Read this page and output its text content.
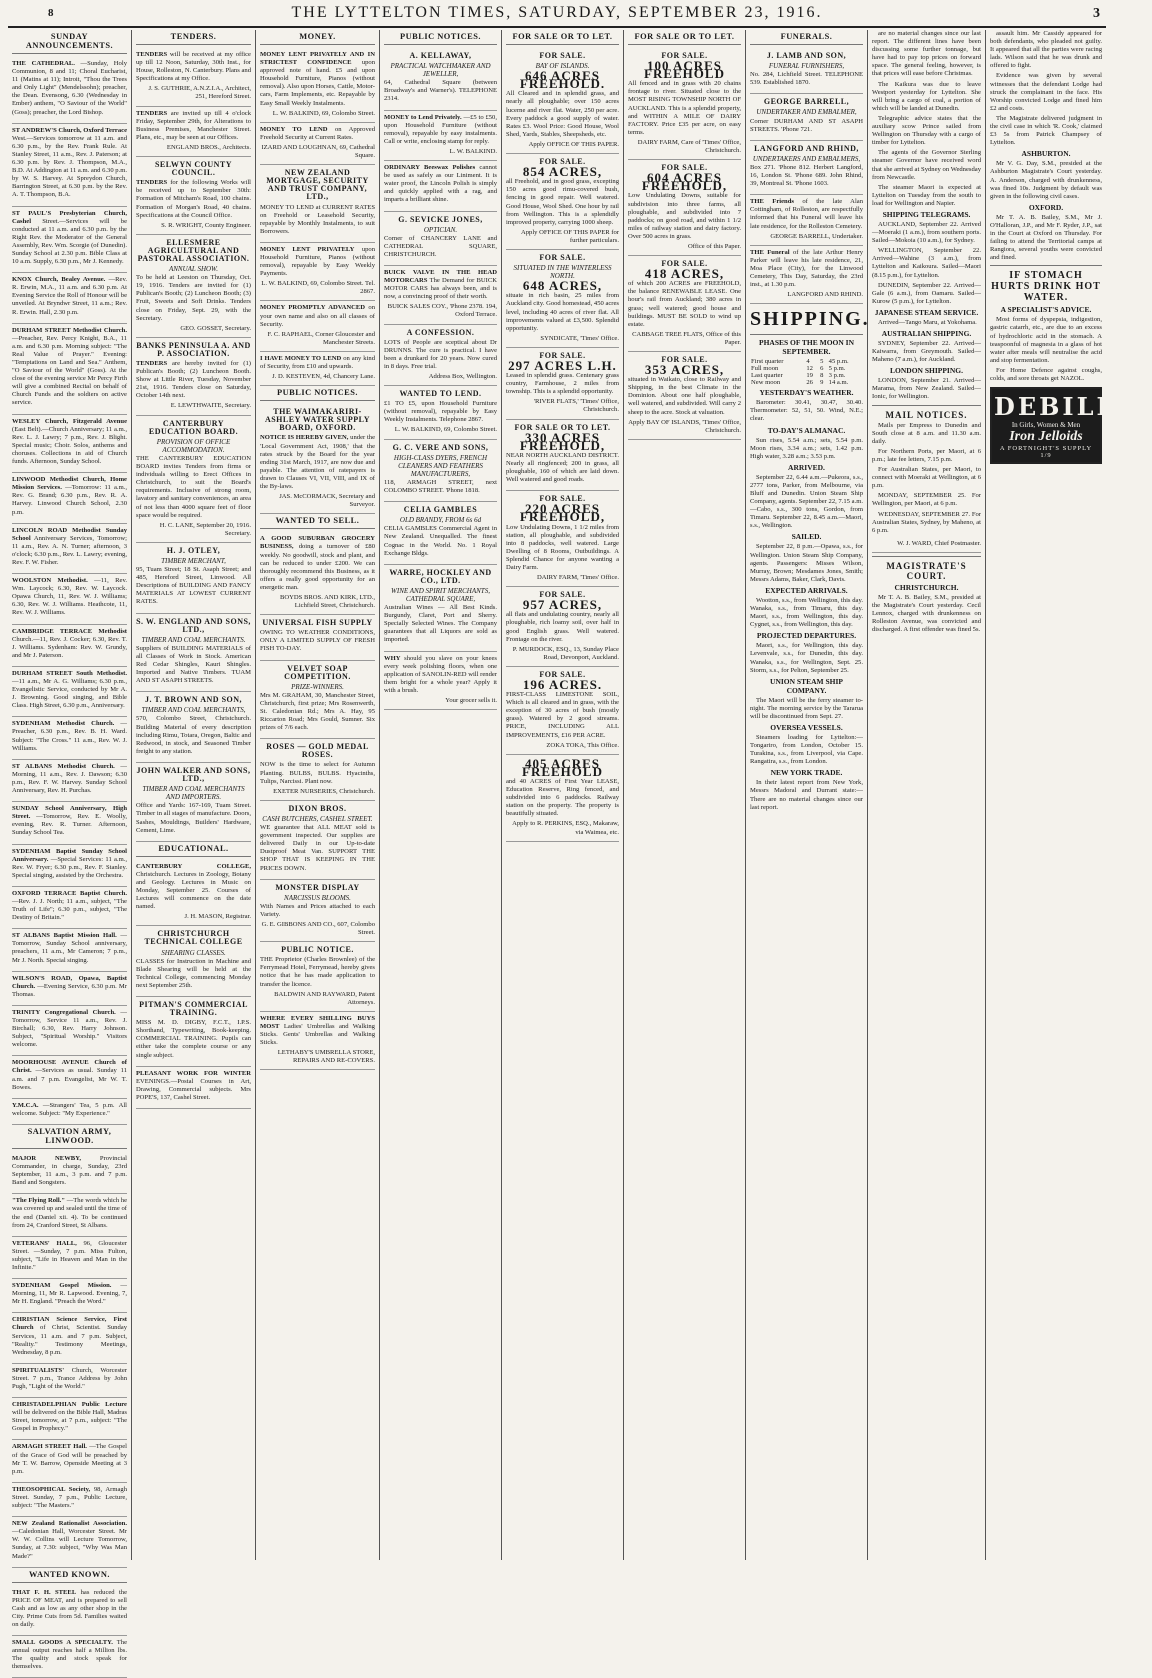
8	THE LYTTELTON TIMES, SATURDAY, SEPTEMBER 23, 1916.	3
SUNDAY ANNOUNCEMENTS.

THE CATHEDRAL. —Sunday, Holy Communion, 8 and 11; Choral Eucharist, 11 (Matins at 11); Introit, "Thou the Trees and Only Light" (Mendelssohn); preacher, the Dean. Evensong, 6.30 (Wednesday in Ember) anthem, "O Saviour of the World" (Goss); preacher, the Lord Bishop.

ST ANDREW'S Church, Oxford Terrace West.—Services tomorrow at 11 a.m. and 6.30 p.m., by the Rev. Frank Rule. At Stanley Street, 11 a.m., Rev. J. Paterson; at 6.30 p.m. by Rev. J. Thompson, M.A., B.D. At Addington at 11 a.m. and 6.30 p.m. by W. S. Harvey. At Spreydon Church, Barrington Street, at 6.30 p.m. by the Rev. A. T. Thompson, B.A.

ST PAUL'S Presbyterian Church, Cashel Street.—Services will be conducted at 11 a.m. and 6.30 p.m. by the Right Rev. the Moderator of the General Assembly, Rev. Wm. Scorgie (of Dunedin). Sunday School at 2.30 p.m. Bible Class at 10 a.m. Supply, 6.30 p.m., Mr J. Kennedy.

KNOX Church, Bealey Avenue. —Rev. R. Erwin, M.A., 11 a.m. and 6.30 p.m. At Evening Service the Roll of Honour will be unveiled. At Bryndwr Street, 11 a.m.; Rev. R. Erwin. Hall, 2.30 p.m.

DURHAM STREET Methodist Church. —Preacher, Rev. Percy Knight, B.A., 11 a.m. and 6.30 p.m. Morning subject: "The Real Value of Prayer." Evening: "Temptations on Land and Sea." Anthem, "O Saviour of the World" (Goss). At the close of the evening service Mr Percy Firth will give a combined Recital on behalf of Church Funds and the soldiers on active service.

WESLEY Church, Fitzgerald Avenue (East Belt).—Church Anniversary; 11 a.m., Rev. L. J. Lawry; 7 p.m., Rev. J. Blight. Special music; Choir. Solos, anthems and choruses. Collections in aid of Church funds. Afternoon, Sunday School.

LINWOOD Methodist Church, Home Mission Services. —Tomorrow: 11 a.m., Rev. G. Brand; 6.30 p.m., Rev. R. A. Harvey. Linwood Church School, 2.30 p.m.

LINCOLN ROAD Methodist Sunday School Anniversary Services, Tomorrow; 11 a.m., Rev. A. N. Turner; afternoon, 3 o'clock; 6.30 p.m., Rev. L. Lawry; evening, Rev. F. W. Fisher.

WOOLSTON Methodist. —11, Rev. Wm. Laycock; 6.30, Rev. W. Laycock. Opawa Church, 11, Rev. W. J. Williams; 6.30, Rev. W. J. Williams. Heathcote, 11, Rev. W. J. Williams.

CAMBRIDGE TERRACE Methodist Church.—11, Rev. J. Cocker; 6.30, Rev. T. J. Williams. Sydenham: Rev. W. Grundy, and Mr J. Paterson.

DURHAM STREET South Methodist. —11 a.m., Mr A. G. Williams; 6.30 p.m., Evangelistic Service, conducted by Mr A. J. Browning. Good singing, and Bible Class. High Street, 6.30 p.m., Anniversary.

SYDENHAM Methodist Church. —Preacher, 6.30 p.m., Rev. B. H. Ward. Subject: "The Cross." 11 a.m., Rev. W. J. Williams.

ST ALBANS Methodist Church. —Morning, 11 a.m., Rev. J. Dawson; 6.30 p.m., Rev. F. W. Harvey. Sunday School Anniversary, Rev. H. Purchas.

SUNDAY School Anniversary, High Street. —Tomorrow, Rev. E. Woolly, evening, Rev. R. Turner. Afternoon, Sunday School Tea.

SYDENHAM Baptist Sunday School Anniversary. —Special Services: 11 a.m., Rev. W. Fryer; 6.30 p.m., Rev. F. Stanley. Special singing, assisted by the Orchestra.

OXFORD TERRACE Baptist Church. —Rev. J. J. North; 11 a.m., subject, "The Truth of Life"; 6.30 p.m., subject, "The Destiny of Britain."

ST ALBANS Baptist Mission Hall. —Tomorrow, Sunday School anniversary, preachers, 11 a.m., Mr Cameron; 7 p.m., Mr J. North. Special singing.

WILSON'S ROAD, Opawa, Baptist Church. —Evening Service, 6.30 p.m. Mr Thomas.

TRINITY Congregational Church. —Tomorrow, Service 11 a.m., Rev. J. Birchall; 6.30, Rev. Harry Johnson. Subject, "Spiritual Worship." Visitors welcome.

MOORHOUSE AVENUE Church of Christ. —Services as usual. Sunday 11 a.m. and 7 p.m. Evangelist, Mr W. T. Bowes.

Y.M.C.A. —Strangers' Tea, 5 p.m. All welcome. Subject: "My Experience."

SALVATION ARMY, LINWOOD.

MAJOR NEWBY,	Provincial Commander, in charge, Sunday, 23rd September, 11 a.m., 3 p.m. and 7 p.m. Band and Songsters.

"The Flying Roll." —The words which he was covered up and sealed until the time of the end (Daniel xii. 4). To be continued from 24, Cranford Street, St Albans.

VETERANS' HALL, 96, Gloucester Street. —Sunday, 7 p.m. Miss Fulton, subject, "Life in Heaven and Man in the Infinite."

SYDENHAM Gospel Mission. —Morning, 11, Mr R. Lapwood. Evening, 7, Mr H. England. "Preach the Word."

CHRISTIAN Science Service, First Church of Christ, Scientist. Sunday Services, 11 a.m. and 7 p.m. Subject, "Reality." Testimony Meetings, Wednesday, 8 p.m.

SPIRITUALISTS' Church, Worcester Street. 7 p.m., Trance Address by John Pugh, "Light of the World."

CHRISTADELPHIAN Public Lecture will be delivered on the Bible Hall, Madras Street, tomorrow, at 7 p.m., subject: "The Gospel in Prophecy."

ARMAGH STREET Hall. —The Gospel of the Grace of God will be preached by Mr T. W. Barrow, Openside Meeting at 3 p.m.

THEOSOPHICAL Society, 98, Armagh Street. Sunday, 7 p.m., Public Lecture, subject: "The Masters."

NEW Zealand Rationalist Association. —Caledonian Hall, Worcester Street. Mr W. W. Collins will Lecture Tomorrow, Sunday, at 7.30: subject, "Why Was Man Made?"

WANTED KNOWN.

THAT F. H. STEEL has reduced the PRICE OF MEAT, and is prepared to sell Cash and as low as any other shop in the City. Prime Cuts from 5d. Families waited on daily.

SMALL GOODS A SPECIALTY. The annual output reaches half a Million lbs. The quality and stock speak for themselves.

TENDERS.

TENDERS will be received at my office up till 12 Noon, Saturday, 30th Inst., for House, Rolleston, N. Canterbury. Plans and Specifications at my Office.

J. S. GUTHRIE, A.N.Z.I.A., Architect, 251, Hereford Street.

TENDERS are invited up till 4 o'clock Friday, September 29th, for Alterations to Business Premises, Manchester Street. Plans, etc., may be seen at our Offices.

ENGLAND BROS., Architects.
SELWYN COUNTY COUNCIL.

TENDERS for the following Works will be received up to September 30th: Formation of Mitcham's Road, 100 chains. Formation of Morgan's Road, 40 chains. Specifications at the Council Office.

S. R. WRIGHT, County Engineer.
ELLESMERE AGRICULTURAL AND PASTORAL ASSOCIATION.
ANNUAL SHOW.

To be held at Leeston on Thursday, Oct. 19, 1916. Tenders are invited for (1) Publican's Booth; (2) Luncheon Booth; (3) Fruit, Sweets and Soft Drinks. Tenders close on Friday, Sept. 29, with the Secretary.

GEO. GOSSET, Secretary.
BANKS PENINSULA A. AND P. ASSOCIATION.

TENDERS are hereby invited for (1) Publican's Booth; (2) Luncheon Booth. Show at Little River, Tuesday, November 21st, 1916. Tenders close on Saturday, October 14th next.

E. LEWTHWAITE, Secretary.
CANTERBURY EDUCATION BOARD.
PROVISION OF OFFICE ACCOMMODATION.

THE CANTERBURY EDUCATION BOARD invites Tenders from firms or individuals willing to Erect Offices in Christchurch, to suit the Board's requirements. Inclusive of strong room, lavatory and sanitary conveniences, an area of not less than 4000 square feet of floor space would be required.

H. C. LANE, September 20, 1916. Secretary.
H. J. OTLEY,
TIMBER MERCHANT,

95, Tuam Street; 18 St. Asaph Street; and 485, Hereford Street, Linwood. All Descriptions of BUILDING AND FANCY MATERIALS AT LOWEST CURRENT RATES.

S. W. ENGLAND AND SONS, LTD.,
TIMBER AND COAL MERCHANTS.

Suppliers of BUILDING MATERIALS of all Classes of Work in Stock. American Red Cedar Shingles, Kauri Shingles. Imported and Native Timbers. TUAM AND ST ASAPH STREETS.

J. T. BROWN AND SON,
TIMBER AND COAL MERCHANTS,

570, Colombo Street, Christchurch. Building Material of every description including Rimu, Totara, Oregon, Baltic and Redwood, in stock, and Seasoned Timber freight to any station.

JOHN WALKER AND SONS, LTD.,
TIMBER AND COAL MERCHANTS AND IMPORTERS.

Office and Yards: 167-169, Tuam Street. Timber in all stages of manufacture. Doors, Sashes, Mouldings, Builders' Hardware, Cement, Lime.

EDUCATIONAL.

CANTERBURY COLLEGE, Christchurch. Lectures in Zoology, Botany and Geology. Lectures in Music on Monday, September 25. Courses of Lectures will commence on the date named.

J. H. MASON, Registrar.
CHRISTCHURCH TECHNICAL COLLEGE
SHEARING CLASSES.

CLASSES for Instruction in Machine and Blade Shearing will be held at the Technical College, commencing Monday next September 25th.

PITMAN'S COMMERCIAL TRAINING.

MISS M. D. DIGBY, F.C.T., I.P.S. Shorthand, Typewriting, Book-keeping. COMMERCIAL TRAINING. Pupils can either take the complete course or any single subject.

PLEASANT WORK FOR WINTER EVENINGS.—Postal Courses in Art, Drawing, Commercial subjects. Mrs POPE'S, 137, Cashel Street.

MONEY.

MONEY LENT PRIVATELY AND IN STRICTEST CONFIDENCE upon approved note of hand. £5 and upon Household Furniture, Pianos (without removal). Also upon Horses, Cattle, Motor-cars, Farm Implements, etc. Repayable by Easy Small Weekly Instalments.

L. W. BALKIND, 69, Colombo Street.

MONEY TO LEND on Approved Freehold Security at Current Rates.

IZARD AND LOUGHNAN, 69, Cathedral Square.
NEW ZEALAND MORTGAGE, SECURITY AND TRUST COMPANY, LTD.,

MONEY TO LEND at CURRENT RATES on Freehold or Leasehold Security, repayable by Monthly Instalments, to suit Borrowers.

MONEY LENT PRIVATELY upon Household Furniture, Pianos (without removal), repayable by Easy Weekly Payments.

L. W. BALKIND, 69, Colombo Street. Tel. 2867.

MONEY PROMPTLY ADVANCED on your own name and also on all classes of Security.

F. C. RAPHAEL, Corner Gloucester and Manchester Streets.

I HAVE MONEY TO LEND on any kind of Security, from £10 and upwards.

J. D. KESTEVEN, 4d, Chancery Lane.
PUBLIC NOTICES.
THE WAIMAKARIRI-ASHLEY WATER SUPPLY BOARD, OXFORD.

NOTICE IS HEREBY GIVEN, under the 'Local Government Act, 1908,' that the rates struck by the Board for the year ending 31st March, 1917, are now due and payable. The attention of ratepayers is drawn to Clauses VI, VII, VIII, and IX of the By-laws.

JAS. McCORMACK, Secretary and Surveyor.
WANTED TO SELL.

A GOOD SUBURBAN GROCERY BUSINESS, doing a turnover of £80 weekly. No goodwill, stock and plant, and can be reduced to under £200. We can thoroughly recommend this Business, as it offers a really good opportunity for an energetic man.

BOYDS BROS. AND KIRK, LTD., Lichfield Street, Christchurch.
UNIVERSAL FISH SUPPLY

OWING TO WEATHER CONDITIONS, ONLY A LIMITED SUPPLY OF FRESH FISH TO-DAY.

VELVET SOAP COMPETITION.
PRIZE-WINNERS.

Mrs M. GRAHAM, 30, Manchester Street, Christchurch, first prize; Mrs Rosenwerth, St. Caledonian Rd.; Mrs A. Hay, 95 Riccarton Road; Mrs Gould, Sumner. Six prizes of 7/6 each.

ROSES — GOLD MEDAL ROSES.

NOW is the time to select for Autumn Planting. BULBS, BULBS. Hyacinths, Tulips, Narcissi. Plant now.

EXETER NURSERIES, Christchurch.
DIXON BROS.
CASH BUTCHERS, CASHEL STREET.

WE guarantee that ALL MEAT sold is government inspected. Our supplies are delivered Daily in our Up-to-date Dustproof Meat Van. SUPPORT THE SHOP THAT IS KEEPING IN THE PRICES DOWN.

MONSTER DISPLAY
NARCISSUS BLOOMS.

With Names and Prices attached to each Variety.

G. E. GIBBONS AND CO., 607, Colombo Street.
PUBLIC NOTICE.

THE Proprietor (Charles Brownlee) of the Ferrymead Hotel, Ferrymead, hereby gives notice that he has made application to transfer the licence.

BALDWIN AND RAYWARD, Patent Attorneys.

WHERE EVERY SHILLING BUYS MOST Ladies' Umbrellas and Walking Sticks. Gents' Umbrellas and Walking Sticks.

LETHABY'S UMBRELLA STORE, REPAIRS AND RE-COVERS.
PUBLIC NOTICES.
A. KELLAWAY,
PRACTICAL WATCHMAKER AND JEWELLER,

64, Cathedral Square (between Broadway's and Warner's). TELEPHONE 2314.

MONEY to Lend Privately. —£5 to £50, upon Household Furniture (without removal), repayable by easy instalments. Call or write, enclosing stamp for reply.

L. W. BALKIND.

ORDINARY Beeswax Polishes cannot be used as safely as our Liniment. It is water proof, the Lincoln Polish is simply and quickly applied with a rag, and imparts a brilliant shine.

G. SEVICKE JONES,
OPTICIAN.

Corner of CHANCERY LANE and CATHEDRAL SQUARE, CHRISTCHURCH.

BUICK VALVE IN THE HEAD MOTORCARS The Demand for BUICK MOTOR CARS has always been, and is now, a convincing proof of their worth.

BUICK SALES COY., 'Phone 2378. 194, Oxford Terrace.
A CONFESSION.

LOTS of People are sceptical about Dr DRUNNS. The cure is practical. I have been a drunkard for 20 years. Now cured in 8 days. Free trial.

Address Box, Wellington.
WANTED TO LEND.

£1 TO £5, upon Household Furniture (without removal), repayable by Easy Weekly Instalments. Telephone 2867.

L. W. BALKIND, 69, Colombo Street.
G. C. VERE AND SONS,
HIGH-CLASS DYERS, FRENCH CLEANERS AND FEATHERS MANUFACTURERS,

118, ARMAGH STREET, next COLOMBO STREET. 'Phone 1818.

CELIA GAMBLES
OLD BRANDY, FROM 6s 6d

CELIA GAMBLES Commercial Agent in New Zealand. Unequalled. The finest Cognac in the World. No. 1 Royal Exchange Bldgs.

WARRE, HOCKLEY AND CO., LTD.
WINE AND SPIRIT MERCHANTS, CATHEDRAL SQUARE,

Australian Wines — All Best Kinds. Burgundy, Claret, Port and Sherry. Specially Selected Wines. The Company guarantees that all Liquors are sold as imported.

WHY should you slave on your knees every week polishing floors, when one application of SANOLIN-RED will render them bright for a whole year? Apply it with a brush.

Your grocer sells it.
FOR SALE OR TO LET.
FOR SALE.
BAY OF ISLANDS.
646 ACRES FREEHOLD.

All Cleared and in splendid grass, and nearly all ploughable; over 150 acres lucerne and river flat. Water, 250 per acre. Every paddock a good supply of water. Rates £3. Wool Price: Good House, Wool Shed, Yards, Stables, Sheepsheds, etc.

Apply OFFICE OF THIS PAPER.
FOR SALE.
854 ACRES,

all Freehold, and in good grass, excepting 150 acres good rimu-covered bush, fencing in good repair. Well watered. Good House, Wool Shed. One hour by rail from Wellington. This is a splendidly improved property, carrying 1000 sheep.

Apply OFFICE OF THIS PAPER for further particulars.
FOR SALE.
SITUATED IN THE WINTERLESS NORTH.
648 ACRES,

situate in rich basin, 25 miles from Auckland city. Good homestead, 450 acres level, including 40 acres of river flat. All improvements valued at £3,500. Splendid opportunity.

SYNDICATE, 'Times' Office.
FOR SALE.
297 ACRES L.H.

Leased in splendid grass. Centenary grass country, Farmhouse, 2 miles from township. This is a splendid opportunity.

'RIVER FLATS,' 'Times' Office, Christchurch.
FOR SALE OR TO LET.
330 ACRES FREEHOLD,

NEAR NORTH AUCKLAND DISTRICT. Nearly all ringfenced; 200 in grass, all ploughable, 160 of which are laid down. Well watered and good roads.

FOR SALE.
220 ACRES FREEHOLD,

Low Undulating Downs, 1 1/2 miles from station, all ploughable, and subdivided into 8 paddocks, well watered. Large Dwelling of 8 Rooms, Outbuildings. A Splendid Chance for anyone wanting a Dairy Farm.

DAIRY FARM, 'Times' Office.
FOR SALE.
957 ACRES,

all flats and undulating country, nearly all ploughable, rich loamy soil, over half in good English grass. Well watered. Frontage on the river.

P. MURDOCK, ESQ., 13, Sunday Place Road, Devonport, Auckland.
FOR SALE.
196 ACRES.

FIRST-CLASS LIMESTONE SOIL, Which is all cleared and in grass, with the exception of 30 acres of bush (mostly grass). Watered by 2 good streams. PRICE, INCLUDING ALL IMPROVEMENTS, £16 PER ACRE.

ZOKA TOKA, This Office.
405 ACRES FREEHOLD

and 40 ACRES of First Year LEASE, Education Reserve, Ring fenced, and subdivided into 6 paddocks. Railway station on the property. The property is beautifully situated.

Apply to R. PERKINS, ESQ., Makaraw, via Waimea, etc.
FOR SALE OR TO LET.
FOR SALE.
100 ACRES FREEHOLD

All fenced and in grass with 20 chains frontage to river. Situated close to the MOST RISING TOWNSHIP NORTH OF AUCKLAND. This is a splendid property, and WITHIN A MILE OF DAIRY FACTORY. Price £35 per acre, on easy terms.

DAIRY FARM, Care of 'Times' Office, Christchurch.
FOR SALE.
604 ACRES FREEHOLD,

Low Undulating Downs, suitable for subdivision into three farms, all ploughable, and subdivided into 7 paddocks; on good road, and within 1 1/2 miles of railway station and dairy factory. Over 500 acres in grass.

Office of this Paper.
FOR SALE.
418 ACRES,

of which 200 ACRES are FREEHOLD, the balance RENEWABLE LEASE. One hour's rail from Auckland; 380 acres in grass; well watered; good house and buildings. MUST BE SOLD to wind up estate.

CABBAGE TREE FLATS, Office of this Paper.
FOR SALE.
353 ACRES,

situated in Waikato, close to Railway and Shipping, in the best Climate in the Dominion. About one half ploughable, well watered, and subdivided. Will carry 2 sheep to the acre. Stock at valuation.

Apply BAY OF ISLANDS, 'Times' Office, Christchurch.
FUNERALS.
J. LAMB AND SON,
FUNERAL FURNISHERS,

No. 284, Lichfield Street. TELEPHONE 539. Established 1870.

GEORGE BARRELL,
UNDERTAKER AND EMBALMER,

Corner DURHAM AND ST ASAPH STREETS. 'Phone 721.

LANGFORD AND RHIND,
UNDERTAKERS AND EMBALMERS,

Box 271. 'Phone 812. Herbert Langford, 16, London St. 'Phone 689. John Rhind, 39, Montreal St. 'Phone 1603.

THE Friends of the late Alan Cottingham, of Rolleston, are respectfully informed that his Funeral will leave his late residence, for the Rolleston Cemetery.

GEORGE BARRELL, Undertaker.

THE Funeral of the late Arthur Henry Parker will leave his late residence, 21, Moa Place (City), for the Linwood Cemetery, This Day, Saturday, the 23rd inst., at 1.30 p.m.

LANGFORD AND RHIND.
SHIPPING.
PHASES OF THE MOON IN SEPTEMBER.
First quarter	4	5	45 p.m.
Full moon	12	6	5 p.m.
Last quarter	19	8	3 p.m.
New moon	26	9	14 a.m.
YESTERDAY'S WEATHER.

Barometer: 30.41, 30.47, 30.40. Thermometer: 52, 51, 50. Wind, N.E.; clear.

TO-DAY'S ALMANAC.

Sun rises, 5.54 a.m.; sets, 5.54 p.m. Moon rises, 3.34 a.m.; sets, 1.42 p.m. High water, 3.28 a.m.; 3.53 p.m.

ARRIVED.

September 22, 6.44 a.m.—Pukeora, s.s., 2777 tons, Parker, from Melbourne, via Bluff and Dunedin. Union Steam Ship Company, agents. September 22, 7.15 a.m.—Cabo, s.s., 300 tons, Gordon, from Timaru. September 22, 8.45 a.m.—Maori, s.s., Wellington.

SAILED.

September 22, 8 p.m.—Opawa, s.s., for Wellington. Union Steam Ship Company, agents. Passengers: Misses Wilson, Murray, Brown; Mesdames Jones, Smith; Messrs Adams, Baker, Clark, Davis.

EXPECTED ARRIVALS.

Wootton, s.s., from Wellington, this day. Wanaka, s.s., from Timaru, this day. Maori, s.s., from Wellington, this day. Cygnet, s.s., from Wellington, this day.

PROJECTED DEPARTURES.

Maori, s.s., for Wellington, this day. Levenvale, s.s., for Dunedin, this day. Wanaka, s.s., for Wellington, Sept. 25. Storm, s.s., for Pelton, September 25.

UNION STEAM SHIP COMPANY.

The Maori will be the ferry steamer to-night. The morning service by the Tararua will be discontinued from Sept. 27.

OVERSEA VESSELS.

Steamers loading for Lyttelton:— Tongariro, from London, October 15. Turakina, s.s., from Liverpool, via Cape. Rangatira, s.s., from London.

NEW YORK TRADE.

In their latest report from New York, Messrs Madoral and Durrant state:—There are no material changes since our last report.

are no material changes since our last report. The different lines have been discussing some further tonnage, but have had to pay top prices on forward space. The general feeling, however, is that prices will ease before Christmas.

The Kaikura was due to leave Westport yesterday for Lyttelton. She will bring a cargo of coal, a portion of which will be landed at Dunedin.

Telegraphic advice states that the auxiliary scow Prince sailed from Wellington on Thursday with a cargo of timber for Lyttelton.

The agents of the Governor Sterling steamer Governor have received word that she arrived at Sydney on Wednesday from Newcastle.

The steamer Maori is expected at Lyttelton on Tuesday from the south to load for Wellington and Napier.

SHIPPING TELEGRAMS.

AUCKLAND, September 22. Arrived—Moeraki (1 a.m.), from southern ports. Sailed—Mokoia (10 a.m.), for Sydney.

WELLINGTON, September 22. Arrived—Wahine (3 a.m.), from Lyttelton and Kaikoura. Sailed—Maori (8.15 p.m.), for Lyttelton.

DUNEDIN, September 22. Arrived—Gale (6 a.m.), from Oamaru. Sailed—Kurow (5 p.m.), for Lyttelton.

JAPANESE STEAM SERVICE.

Arrived—Tango Maru, at Yokohama.

AUSTRALIAN SHIPPING.

SYDNEY, September 22. Arrived—Kaiwarra, from Greymouth. Sailed—Maheno (7 a.m.), for Auckland.

LONDON SHIPPING.

LONDON, September 21. Arrived—Marama, from New Zealand. Sailed—Ionic, for Wellington.

MAIL NOTICES.

Mails per Empress to Dunedin and South close at 8 a.m. and 11.30 a.m. daily.

For Northern Ports, per Maori, at 6 p.m.; late fee letters, 7.15 p.m.

For Australian States, per Maori, to connect with Moeraki at Wellington, at 6 p.m.

MONDAY, SEPTEMBER 25. For Wellington, per Maori, at 6 p.m.

WEDNESDAY, SEPTEMBER 27. For Australian States, Sydney, by Maheno, at 6 p.m.

W. J. WARD, Chief Postmaster.
MAGISTRATE'S COURT.
CHRISTCHURCH.

Mr T. A. B. Bailey, S.M., presided at the Magistrate's Court yesterday. Cecil Lennox, charged with drunkenness on Rolleston Avenue, was convicted and discharged. A first offender was fined 5s.

assault him. Mr Cassidy appeared for both defendants, who pleaded not guilty. It appeared that all the parties were racing lads. Wilson said that he was drunk and offered to fight.

Evidence was given by several witnesses that the defendant Lodge had struck the complainant in the face. His Worship convicted Lodge and fined him £2 and costs.

The Magistrate delivered judgment in the civil case in which 'R. Cook,' claimed £3 5s from Patrick Champsey of Lyttelton.

ASHBURTON.

Mr V. G. Day, S.M., presided at the Ashburton Magistrate's Court yesterday. A. Anderson, charged with drunkenness, was fined 10s. Judgment by default was given in the following civil cases.

OXFORD.

Mr T. A. B. Bailey, S.M., Mr J. O'Halloran, J.P., and Mr F. Ryder, J.P., sat in the Court at Oxford on Thursday. For failing to attend the Territorial camps at Rangiora, several youths were convicted and fined.

IF STOMACH HURTS DRINK HOT WATER.
A SPECIALIST'S ADVICE.

Most forms of dyspepsia, indigestion, gastric catarrh, etc., are due to an excess of hydrochloric acid in the stomach. A teaspoonful of magnesia in a glass of hot water after meals will neutralise the acid and stop fermentation.

For Home Defence against coughs, colds, and sore throats get NAZOL.

DEBILITY
In Girls, Women & Men
Iron Jelloids
A FORTNIGHT'S SUPPLY 1/9
